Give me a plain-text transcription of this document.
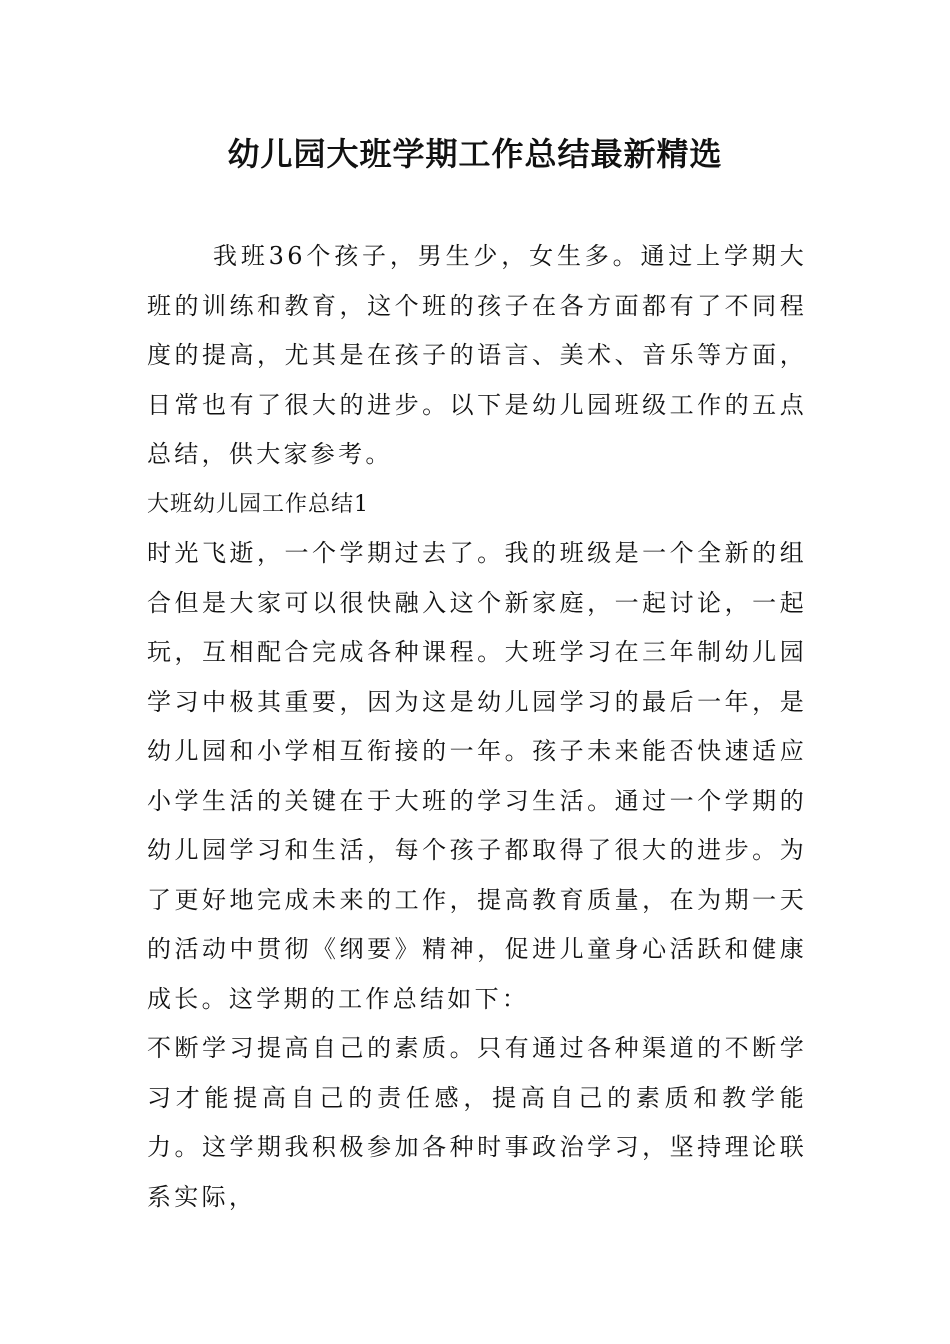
幼儿园大班学期工作总结最新精选

我班36个孩子，男生少，女生多。通过上学期大班的训练和教育，这个班的孩子在各方面都有了不同程度的提高，尤其是在孩子的语言、美术、音乐等方面，日常也有了很大的进步。以下是幼儿园班级工作的五点总结，供大家参考。

大班幼儿园工作总结1

时光飞逝，一个学期过去了。我的班级是一个全新的组合但是大家可以很快融入这个新家庭，一起讨论，一起玩，互相配合完成各种课程。大班学习在三年制幼儿园学习中极其重要，因为这是幼儿园学习的最后一年，是幼儿园和小学相互衔接的一年。孩子未来能否快速适应小学生活的关键在于大班的学习生活。通过一个学期的幼儿园学习和生活，每个孩子都取得了很大的进步。为了更好地完成未来的工作，提高教育质量，在为期一天的活动中贯彻《纲要》精神，促进儿童身心活跃和健康成长。这学期的工作总结如下：

不断学习提高自己的素质。只有通过各种渠道的不断学习才能提高自己的责任感，提高自己的素质和教学能力。这学期我积极参加各种时事政治学习，坚持理论联系实际，
